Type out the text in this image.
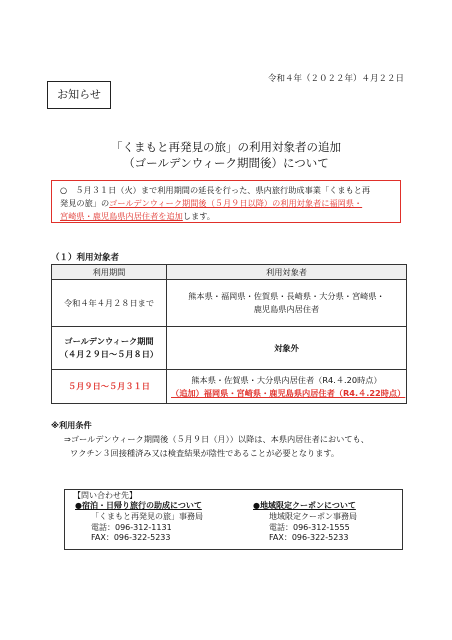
お知らせ
令和４年（２０２２年）４月２２日
「くまもと再発見の旅」の利用対象者の追加
（ゴールデンウィーク期間後）について
○　５月３１日（火）まで利用期間の延長を行った、県内旅行助成事業「くまもと再
発見の旅」のゴールデンウィーク期間後（５月９日以降）の利用対象者に福岡県・
宮崎県・鹿児島県内居住者を追加します。
（１）利用対象者
利用期間	利用対象者
令和４年４月２８日まで	熊本県・福岡県・佐賀県・長崎県・大分県・宮崎県・
鹿児島県内居住者

ゴールデンウィーク期間
（４月２９日～５月８日）	対象外
５月９日～５月３１日	熊本県・佐賀県・大分県内居住者（R4.４.20時点）
（追加）福岡県・宮崎県・鹿児島県内居住者（R4.４.22時点）
※利用条件
⇒ゴールデンウィーク期間後（５月９日（月））以降は、本県内居住者においても、
ワクチン３回接種済み又は検査結果が陰性であることが必要となります。
【問い合わせ先】
●宿泊・日帰り旅行の助成について
「くまもと再発見の旅」事務局
電話：096-312-1131
FAX：096-322-5233
●地域限定クーポンについて
地域限定クーポン事務局
電話：096-312-1555
FAX：096-322-5233
